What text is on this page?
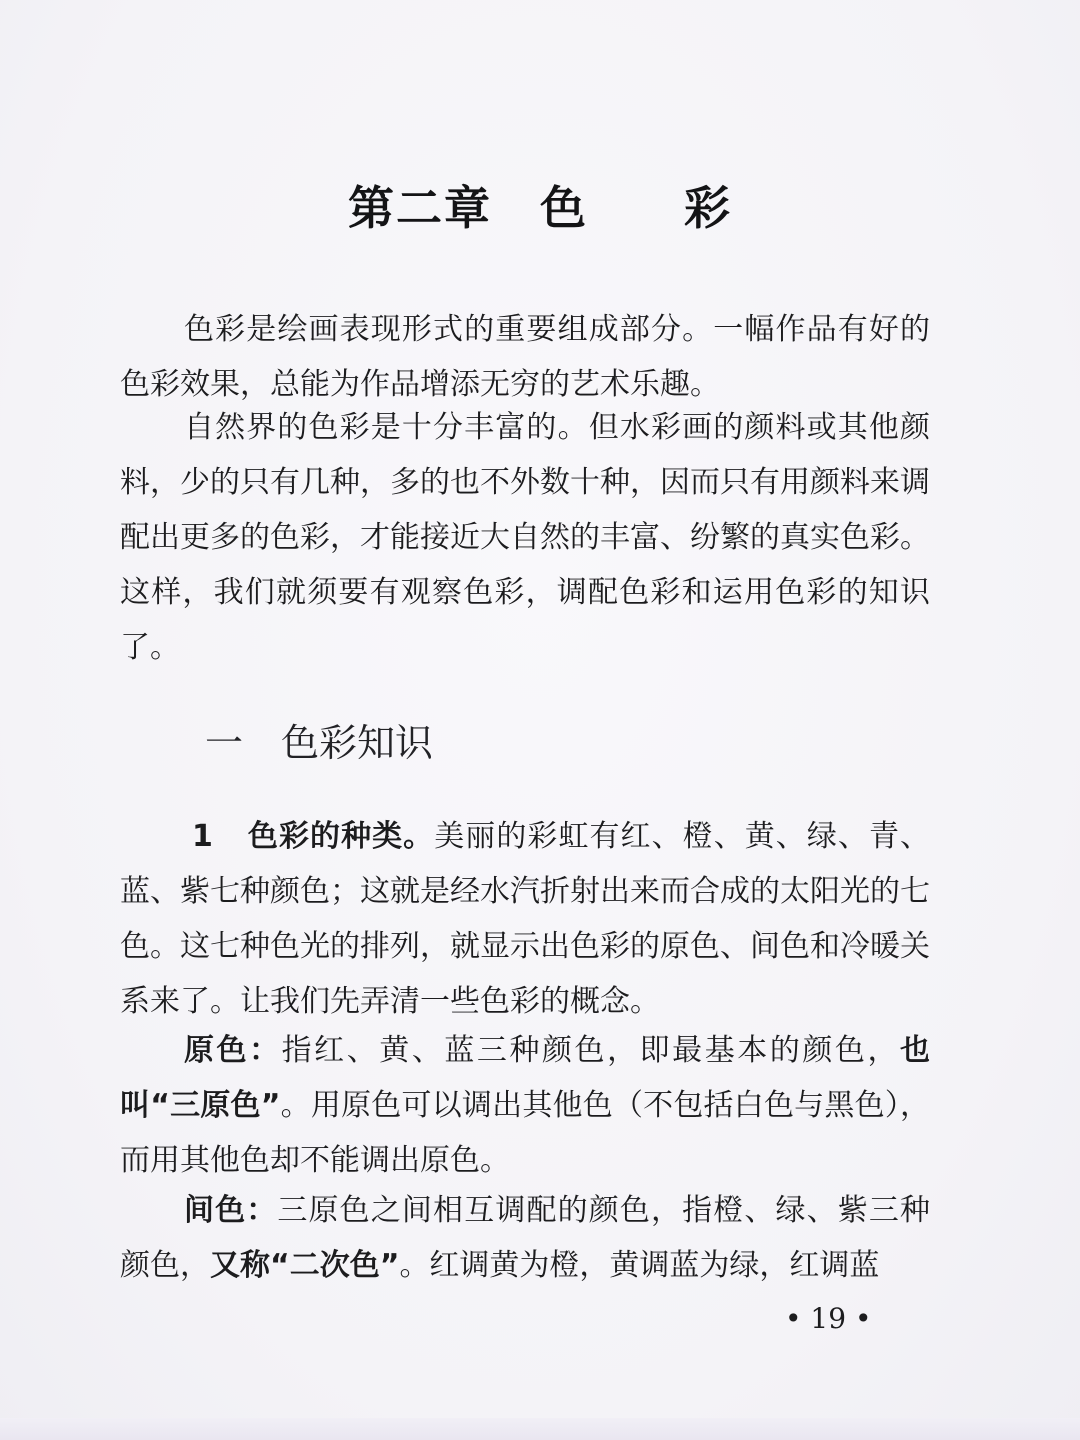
第二章　色　　彩

色彩是绘画表现形式的重要组成部分。一幅作品有好的色彩效果，总能为作品增添无穷的艺术乐趣。

自然界的色彩是十分丰富的。但水彩画的颜料或其他颜料，少的只有几种，多的也不外数十种，因而只有用颜料来调配出更多的色彩，才能接近大自然的丰富、纷繁的真实色彩。这样，我们就须要有观察色彩，调配色彩和运用色彩的知识了。

一　色彩知识

1 色彩的种类。美丽的彩虹有红、橙、黄、绿、青、蓝、紫七种颜色；这就是经水汽折射出来而合成的太阳光的七色。这七种色光的排列，就显示出色彩的原色、间色和冷暖关系来了。让我们先弄清一些色彩的概念。

原色：指红、黄、蓝三种颜色，即最基本的颜色，也叫“三原色”。用原色可以调出其他色（不包括白色与黑色），而用其他色却不能调出原色。

间色：三原色之间相互调配的颜色，指橙、绿、紫三种颜色，又称“二次色”。红调黄为橙，黄调蓝为绿，红调蓝

• 19 •
